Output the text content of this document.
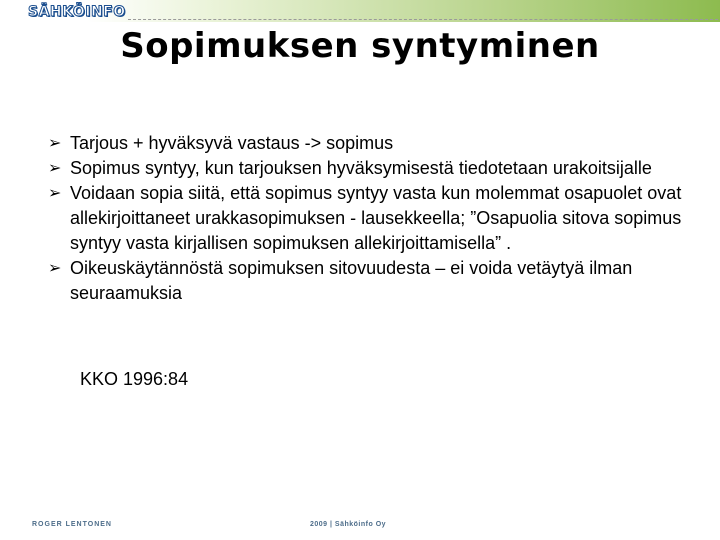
SÄHKÖINFO
Sopimuksen syntyminen
➢ Tarjous + hyväksyvä vastaus -> sopimus
➢ Sopimus syntyy, kun tarjouksen hyväksymisestä tiedotetaan urakoitsijalle
➢ Voidaan sopia siitä, että sopimus syntyy vasta kun molemmat osapuolet ovat allekirjoittaneet urakkasopimuksen - lausekkeella; ”Osapuolia sitova sopimus syntyy vasta kirjallisen sopimuksen allekirjoittamisella” .
➢ Oikeuskäytännöstä sopimuksen sitovuudesta – ei voida vetäytyä ilman seuraamuksia
KKO 1996:84
ROGER LENTONEN	2009 | Sähköinfo Oy
